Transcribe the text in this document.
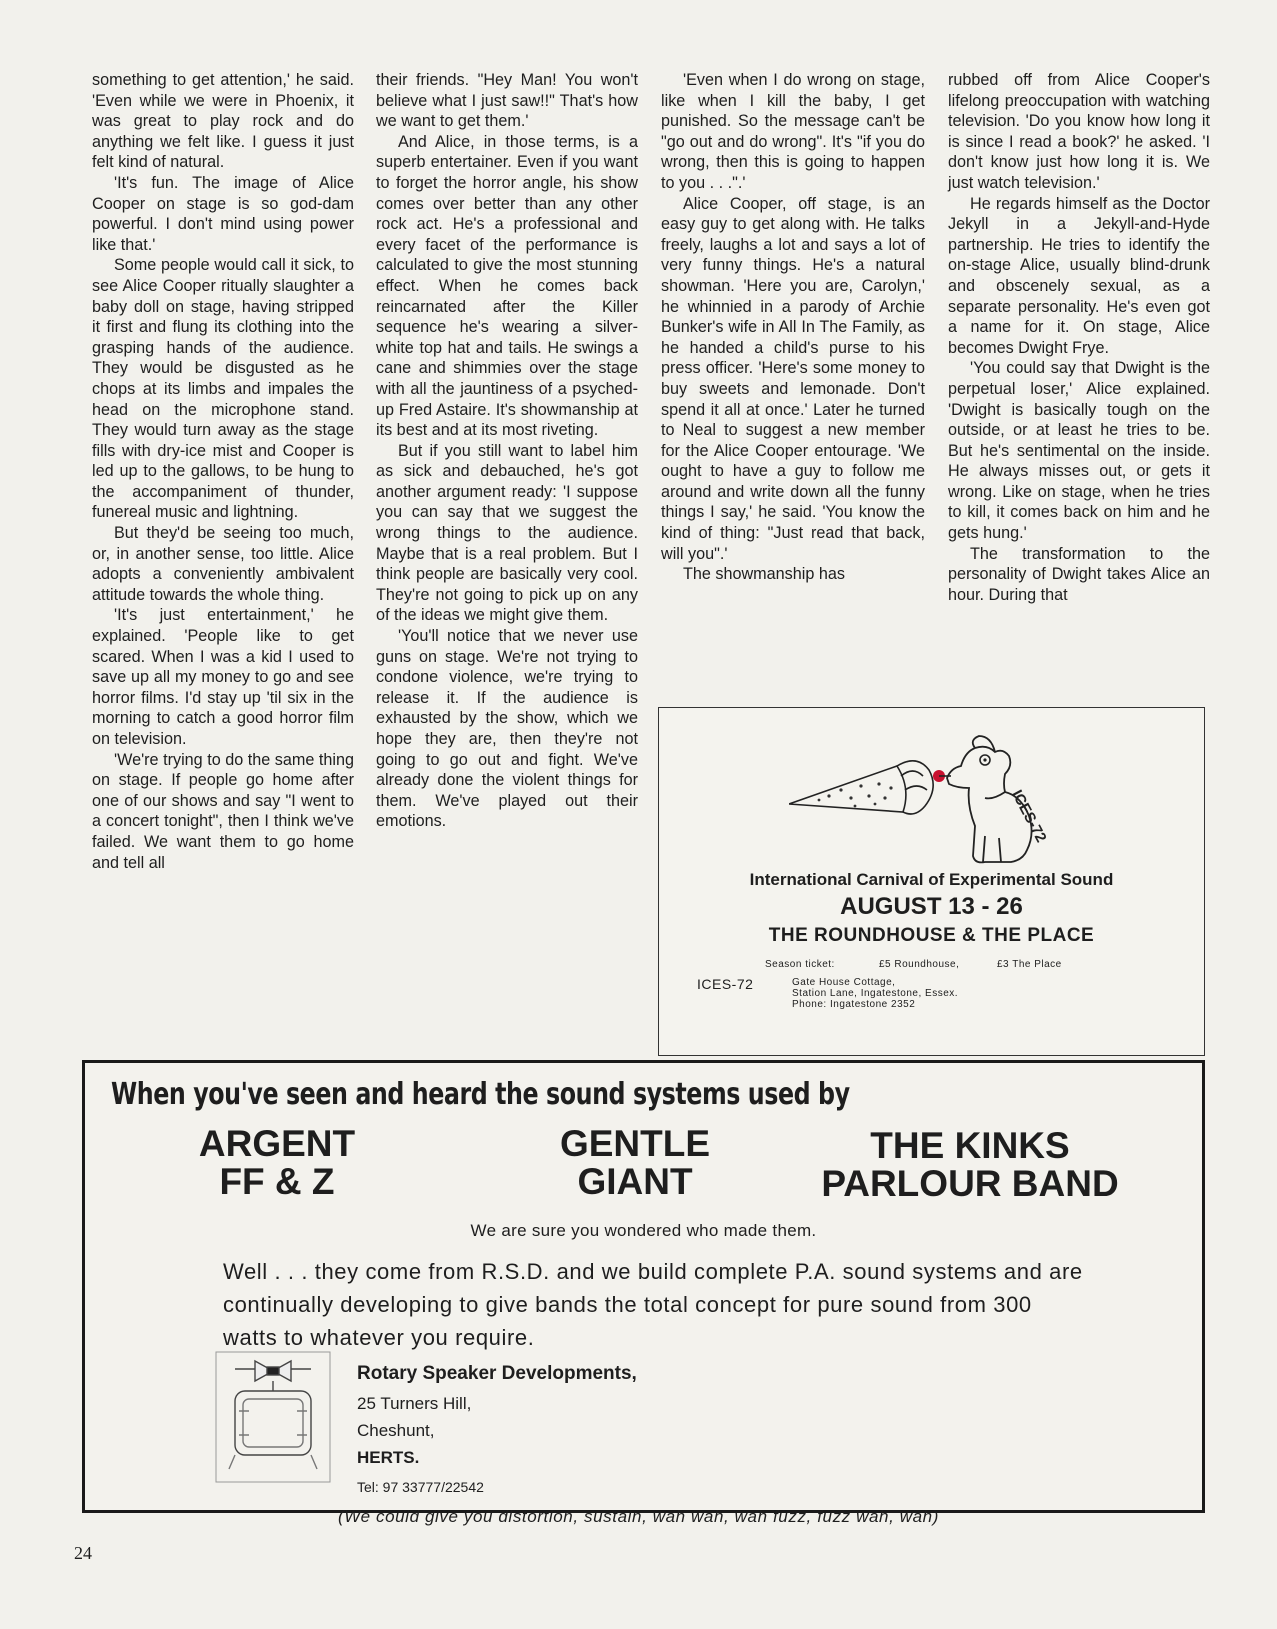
something to get attention,' he said. 'Even while we were in Phoenix, it was great to play rock and do anything we felt like. I guess it just felt kind of natural.

'It's fun. The image of Alice Cooper on stage is so god-dam powerful. I don't mind using power like that.'

Some people would call it sick, to see Alice Cooper ritually slaughter a baby doll on stage, having stripped it first and flung its clothing into the grasping hands of the audience. They would be disgusted as he chops at its limbs and impales the head on the microphone stand. They would turn away as the stage fills with dry-ice mist and Cooper is led up to the gallows, to be hung to the accompaniment of thunder, funereal music and lightning.

But they'd be seeing too much, or, in another sense, too little. Alice adopts a conveniently ambivalent attitude towards the whole thing.

'It's just entertainment,' he explained. 'People like to get scared. When I was a kid I used to save up all my money to go and see horror films. I'd stay up 'til six in the morning to catch a good horror film on television.

'We're trying to do the same thing on stage. If people go home after one of our shows and say "I went to a concert tonight", then I think we've failed. We want them to go home and tell all

their friends. "Hey Man! You won't believe what I just saw!!" That's how we want to get them.'

And Alice, in those terms, is a superb entertainer. Even if you want to forget the horror angle, his show comes over better than any other rock act. He's a professional and every facet of the performance is calculated to give the most stunning effect. When he comes back reincarnated after the Killer sequence he's wearing a silver-white top hat and tails. He swings a cane and shimmies over the stage with all the jauntiness of a psyched-up Fred Astaire. It's showmanship at its best and at its most riveting.

But if you still want to label him as sick and debauched, he's got another argument ready: 'I suppose you can say that we suggest the wrong things to the audience. Maybe that is a real problem. But I think people are basically very cool. They're not going to pick up on any of the ideas we might give them.

'You'll notice that we never use guns on stage. We're not trying to condone violence, we're trying to release it. If the audience is exhausted by the show, which we hope they are, then they're not going to go out and fight. We've already done the violent things for them. We've played out their emotions.

'Even when I do wrong on stage, like when I kill the baby, I get punished. So the message can't be "go out and do wrong". It's "if you do wrong, then this is going to happen to you . . .".'

Alice Cooper, off stage, is an easy guy to get along with. He talks freely, laughs a lot and says a lot of very funny things. He's a natural showman. 'Here you are, Carolyn,' he whinnied in a parody of Archie Bunker's wife in All In The Family, as he handed a child's purse to his press officer. 'Here's some money to buy sweets and lemonade. Don't spend it all at once.' Later he turned to Neal to suggest a new member for the Alice Cooper entourage. 'We ought to have a guy to follow me around and write down all the funny things I say,' he said. 'You know the kind of thing: "Just read that back, will you".'

The showmanship has

rubbed off from Alice Cooper's lifelong preoccupation with watching television. 'Do you know how long it is since I read a book?' he asked. 'I don't know just how long it is. We just watch television.'

He regards himself as the Doctor Jekyll in a Jekyll-and-Hyde partnership. He tries to identify the on-stage Alice, usually blind-drunk and obscenely sexual, as a separate personality. He's even got a name for it. On stage, Alice becomes Dwight Frye.

'You could say that Dwight is the perpetual loser,' Alice explained. 'Dwight is basically tough on the outside, or at least he tries to be. But he's sentimental on the inside. He always misses out, or gets it wrong. Like on stage, when he tries to kill, it comes back on him and he gets hung.'

The transformation to the personality of Dwight takes Alice an hour. During that

ICES-72
International Carnival of Experimental Sound
AUGUST 13 - 26
THE ROUNDHOUSE & THE PLACE
Season ticket:	£5 Roundhouse,	£3 The Place
ICES-72	Gate House Cottage,
Station Lane, Ingatestone, Essex.
Phone: Ingatestone 2352
When you've seen and heard the sound systems used by
ARGENT
FF & Z
GENTLE
GIANT
THE KINKS
PARLOUR BAND
We are sure you wondered who made them.
Well . . . they come from R.S.D. and we build complete P.A. sound systems and are continually developing to give bands the total concept for pure sound from 300 watts to whatever you require.
Rotary Speaker Developments,
25 Turners Hill,
Cheshunt,
HERTS.
Tel: 97 33777/22542
(We could give you distortion, sustain, wah wah, wah fuzz, fuzz wah, wah)
24
